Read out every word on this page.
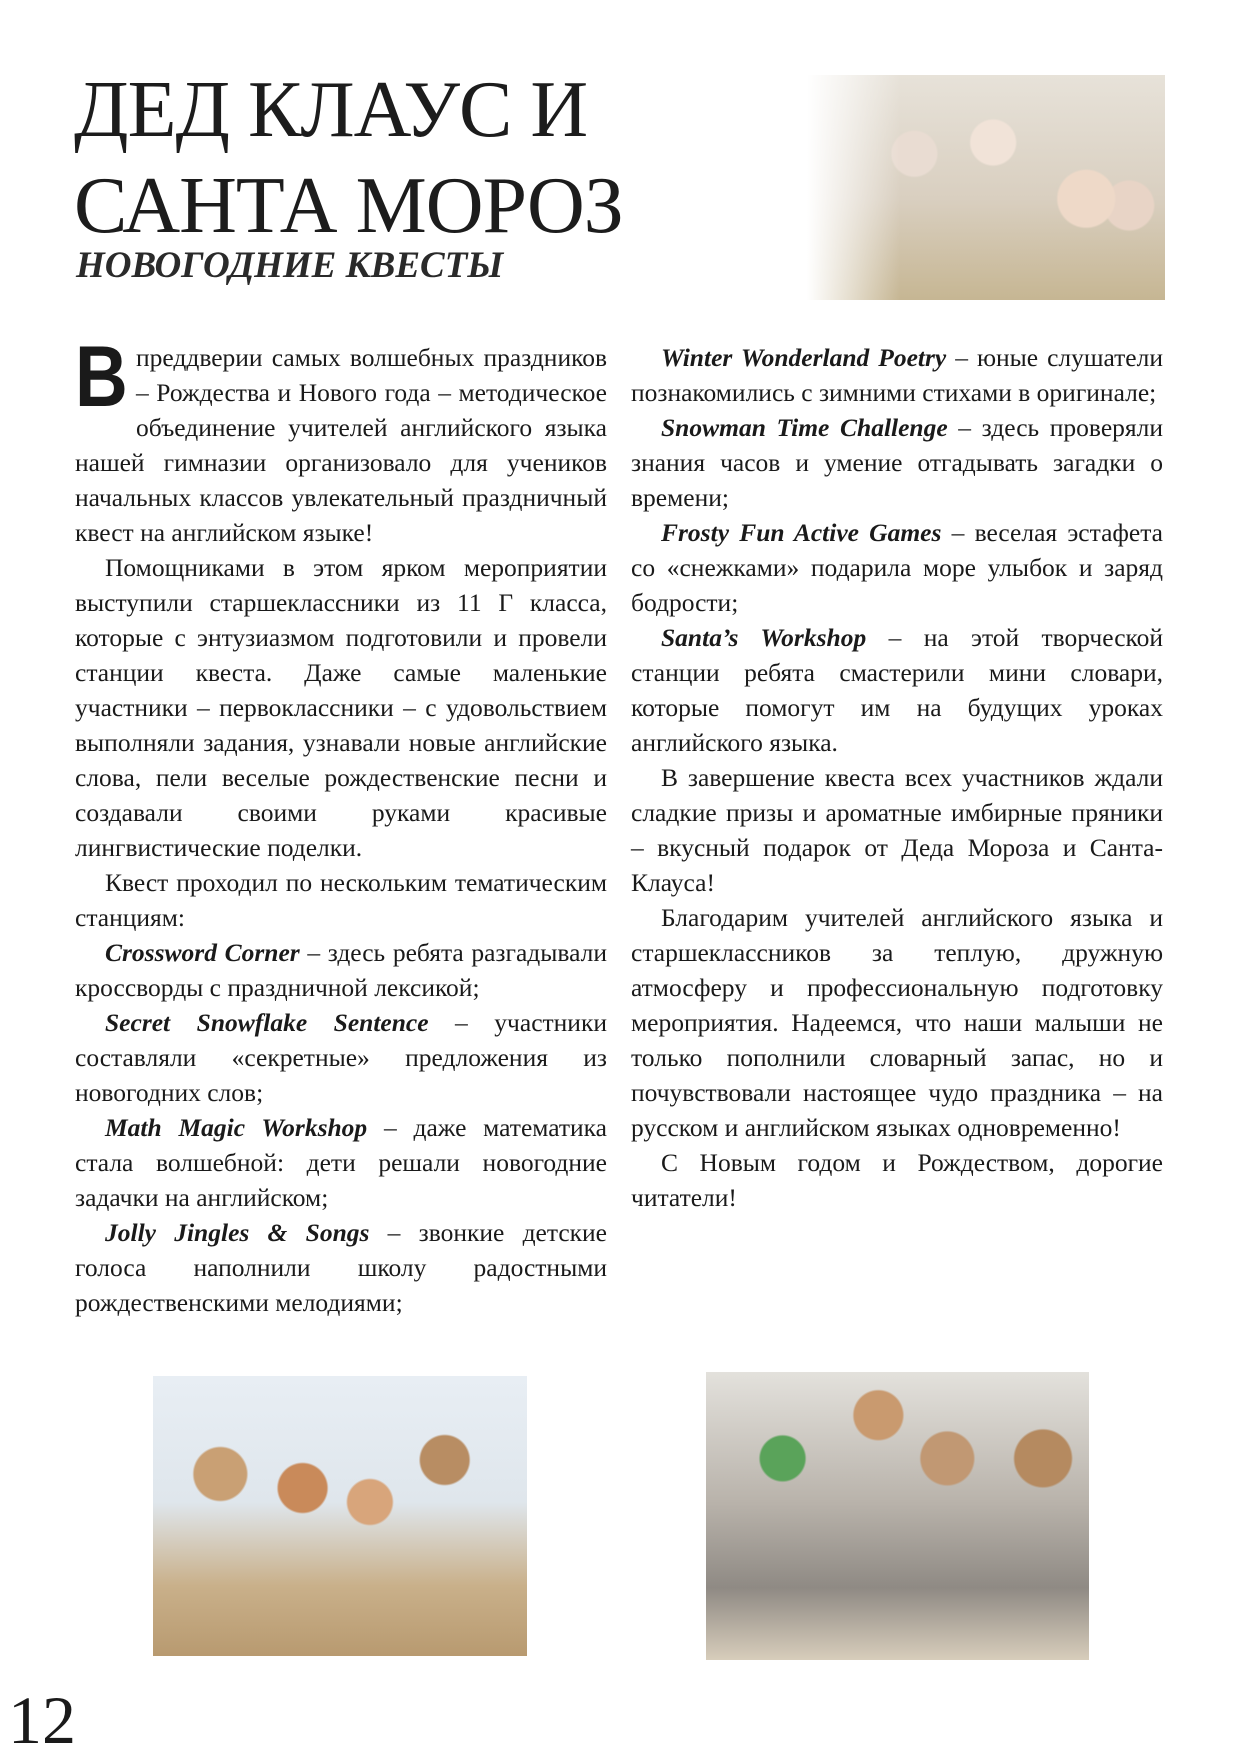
ДЕД КЛАУС И
САНТА МОРОЗ
НОВОГОДНИЕ КВЕСТЫ

Впреддверии самых волшебных праздников – Рождества и Нового года – методическое объединение учителей английского языка нашей гимназии организовало для учеников начальных классов увлекательный праздничный квест на английском языке!

Помощниками в этом ярком мероприятии выступили старшеклассники из 11 Г класса, которые с энтузиазмом подготовили и провели станции квеста. Даже самые маленькие участники – первоклассники – с удовольствием выполняли задания, узнавали новые английские слова, пели веселые рождественские песни и создавали своими руками красивые лингвистические поделки.

Квест проходил по нескольким тематическим станциям:

Crossword Corner – здесь ребята разгадывали кроссворды с праздничной лексикой;

Secret Snowflake Sentence – участники составляли «секретные» предложения из новогодних слов;

Math Magic Workshop – даже математика стала волшебной: дети решали новогодние задачки на английском;

Jolly Jingles & Songs – звонкие детские голоса наполнили школу радостными рождественскими мелодиями;

Winter Wonderland Poetry – юные слушатели познакомились с зимними стихами в оригинале;

Snowman Time Challenge – здесь проверяли знания часов и умение отгадывать загадки о времени;

Frosty Fun Active Games – веселая эстафета со «снежками» подарила море улыбок и заряд бодрости;

Santa’s Workshop – на этой творческой станции ребята смастерили мини словари, которые помогут им на будущих уроках английского языка.

В завершение квеста всех участников ждали сладкие призы и ароматные имбирные пряники – вкусный подарок от Деда Мороза и Санта-Клауса!

Благодарим учителей английского языка и старшеклассников за теплую, дружную атмосферу и профессиональную подготовку мероприятия. Надеемся, что наши малыши не только пополнили словарный запас, но и почувствовали настоящее чудо праздника – на русском и английском языках одновременно!

С Новым годом и Рождеством, дорогие читатели!

12
